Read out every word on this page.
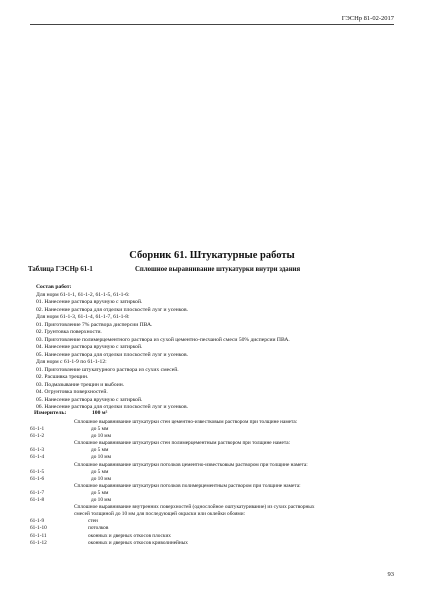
ГЭСНр 81-02-2017
Сборник 61. Штукатурные работы
Таблица ГЭСНр 61-1	Сплошное выравнивание штукатурки внутри здания
Состав работ:
Для норм 61-1-1, 61-1-2, 61-1-5, 61-1-6:
01. Нанесение раствора вручную с затиркой.
02. Нанесение раствора для отделки плоскостей лузг и усенков.
Для норм 61-1-3, 61-1-4, 61-1-7, 61-1-8:
01. Приготовление 7% раствора дисперсии ПВА.
02. Грунтовка поверхности.
03. Приготовление полимерцементного раствора из сухой цементно-песчаной смеси 50% дисперсии ПВА.
04. Нанесение раствора вручную с затиркой.
05. Нанесение раствора для отделки плоскостей лузг и усенков.
Для норм с 61-1-9 по 61-1-12:
01. Приготовление штукатурного раствора из сухих смесей.
02. Расшивка трещин.
03. Подмазывание трещин и выбоин.
04. Огрунтовка поверхностей.
05. Нанесение раствора вручную с затиркой.
06. Нанесение раствора для отделки плоскостей лузг и усенков.
Измеритель:	100 м²
Сплошное выравнивание штукатурки стен цементно-известковым раствором при толщине намета:
61-1-1	до 5 мм
61-1-2	до 10 мм
Сплошное выравнивание штукатурки стен полимерцементным раствором при толщине намета:
61-1-3	до 5 мм
61-1-4	до 10 мм
Сплошное выравнивание штукатурки потолков цементно-известковым раствором при толщине намета:
61-1-5	до 5 мм
61-1-6	до 10 мм
Сплошное выравнивание штукатурки потолков полимерцементным раствором при толщине намета:
61-1-7	до 5 мм
61-1-8	до 10 мм
Сплошное выравнивание внутренних поверхностей (однослойное оштукатуривание) из сухих растворных
смесей толщиной до 10 мм для последующей окраски или оклейки обоями:
61-1-9	стен
61-1-10	потолков
61-1-11	оконных и дверных откосов плоских
61-1-12	оконных и дверных откосов криволинейных
93
